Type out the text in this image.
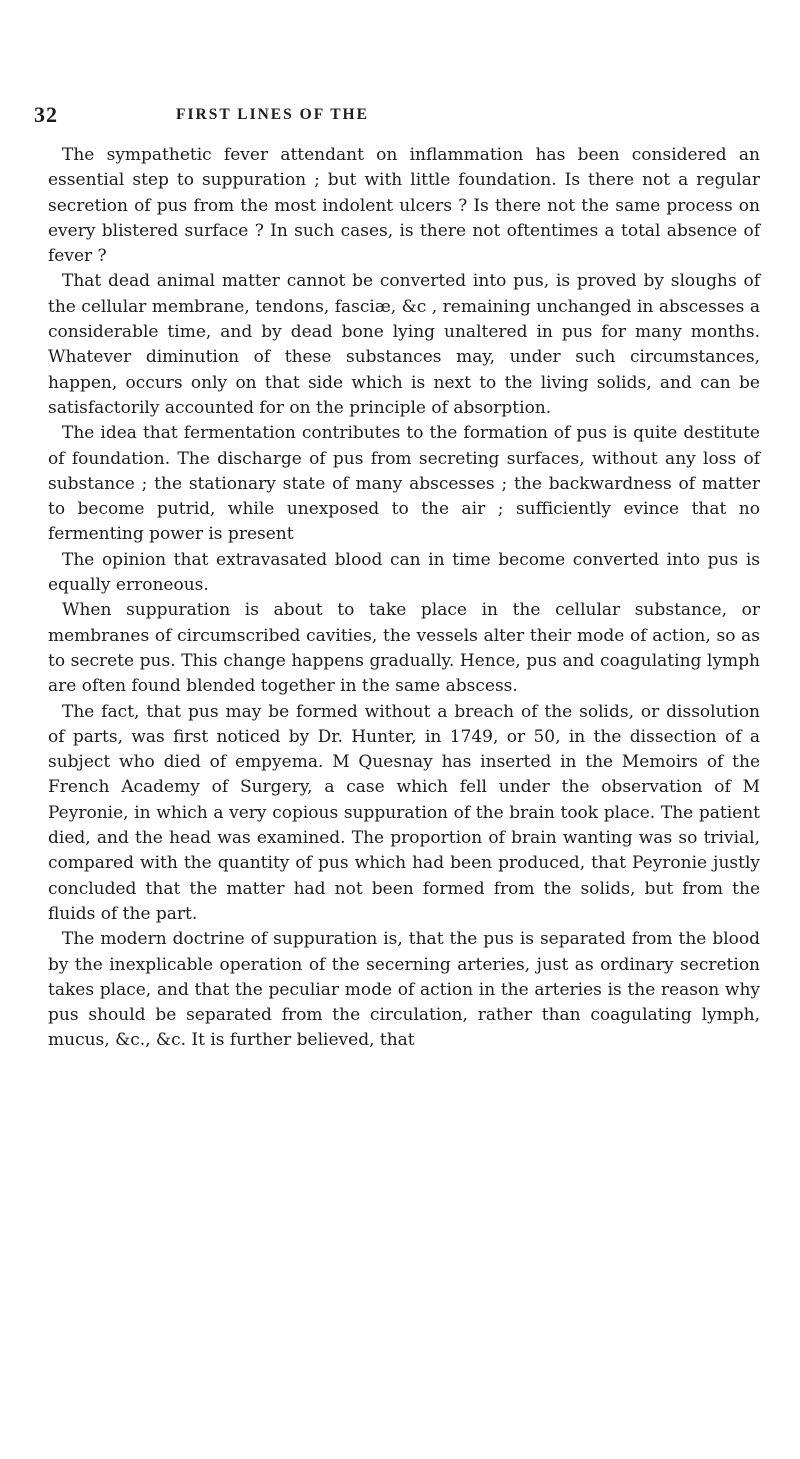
32	FIRST LINES OF THE

The sympathetic fever attendant on inflammation has been considered an essential step to suppuration ; but with little foundation. Is there not a regular secretion of pus from the most indolent ulcers ? Is there not the same process on every blistered surface ? In such cases, is there not oftentimes a total absence of fever ?

That dead animal matter cannot be converted into pus, is proved by sloughs of the cellular membrane, tendons, fasciæ, &c , remaining unchanged in abscesses a considerable time, and by dead bone lying unaltered in pus for many months. Whatever diminution of these substances may, under such circumstances, happen, occurs only on that side which is next to the living solids, and can be satisfactorily accounted for on the principle of absorption.

The idea that fermentation contributes to the formation of pus is quite destitute of foundation. The discharge of pus from secreting surfaces, without any loss of substance ; the stationary state of many abscesses ; the backwardness of matter to become putrid, while unexposed to the air ; sufficiently evince that no fermenting power is present

The opinion that extravasated blood can in time become converted into pus is equally erroneous.

When suppuration is about to take place in the cellular substance, or membranes of circumscribed cavities, the vessels alter their mode of action, so as to secrete pus. This change happens gradually. Hence, pus and coagulating lymph are often found blended together in the same abscess.

The fact, that pus may be formed without a breach of the solids, or dissolution of parts, was first noticed by Dr. Hunter, in 1749, or 50, in the dissection of a subject who died of empyema. M Quesnay has inserted in the Memoirs of the French Academy of Surgery, a case which fell under the observation of M Peyronie, in which a very copious suppuration of the brain took place. The patient died, and the head was examined. The proportion of brain wanting was so trivial, compared with the quantity of pus which had been produced, that Peyronie justly concluded that the matter had not been formed from the solids, but from the fluids of the part.

The modern doctrine of suppuration is, that the pus is separated from the blood by the inexplicable operation of the secerning arteries, just as ordinary secretion takes place, and that the peculiar mode of action in the arteries is the reason why pus should be separated from the circulation, rather than coagulating lymph, mucus, &c., &c. It is further believed, that
